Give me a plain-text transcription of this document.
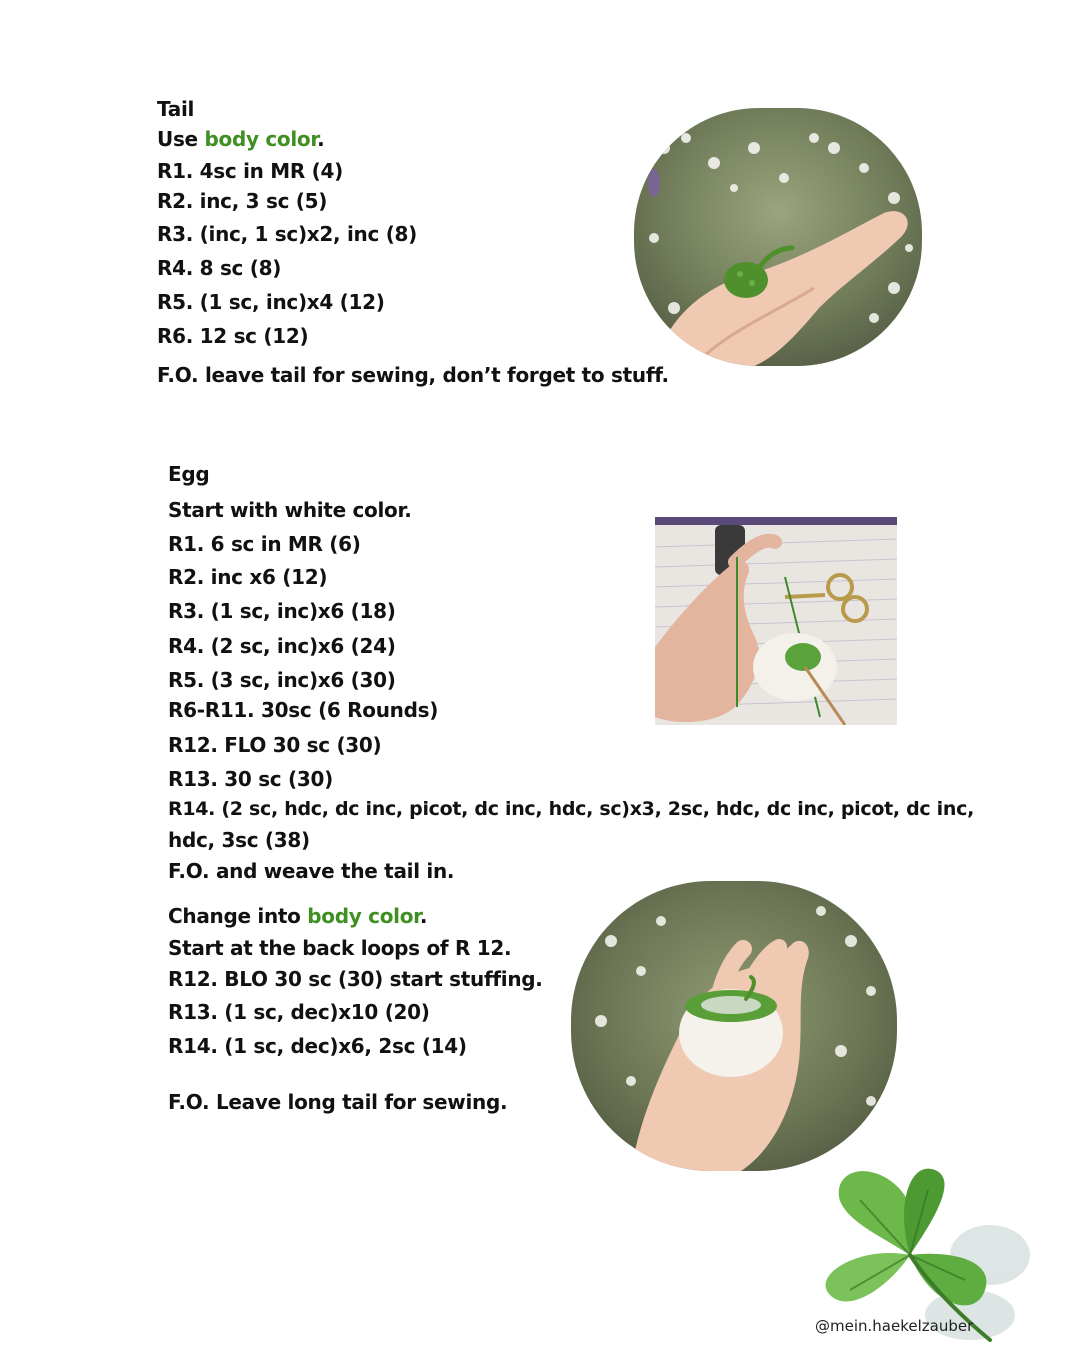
Tail
Use body color.
R1. 4sc in MR (4)
R2. inc, 3 sc (5)
R3. (inc, 1 sc)x2, inc (8)
R4. 8 sc (8)
R5. (1 sc, inc)x4 (12)
R6. 12 sc (12)
F.O. leave tail for sewing, don’t forget to stuff.
Egg
Start with white color.
R1. 6 sc in MR (6)
R2. inc x6 (12)
R3. (1 sc, inc)x6 (18)
R4. (2 sc, inc)x6 (24)
R5. (3 sc, inc)x6 (30)
R6-R11. 30sc (6 Rounds)
R12. FLO 30 sc (30)
R13. 30 sc (30)
R14. (2 sc, hdc, dc inc, picot, dc inc, hdc, sc)x3, 2sc, hdc, dc inc, picot, dc inc,
hdc, 3sc (38)
F.O. and weave the tail in.
Change into body color.
Start at the back loops of R 12.
R12. BLO 30 sc (30) start stuffing.
R13. (1 sc, dec)x10 (20)
R14. (1 sc, dec)x6, 2sc (14)
F.O. Leave long tail for sewing.
@mein.haekelzauber
